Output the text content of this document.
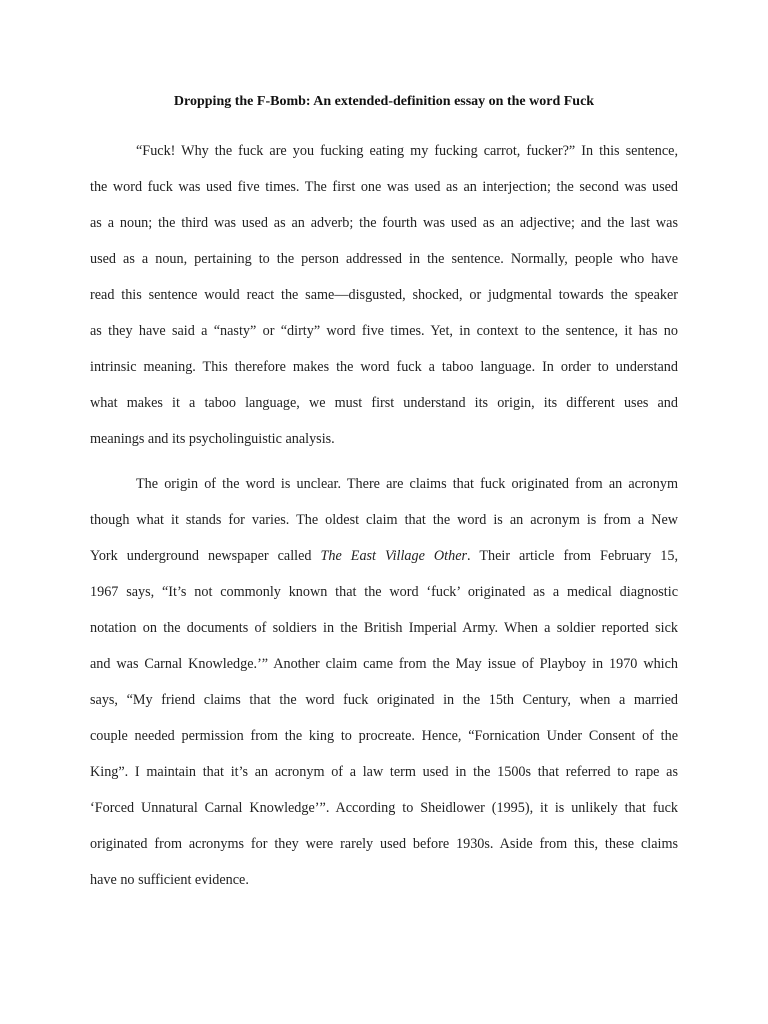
Dropping the F-Bomb: An extended-definition essay on the word Fuck
“Fuck! Why the fuck are you fucking eating my fucking carrot, fucker?” In this sentence,
the word fuck was used five times. The first one was used as an interjection; the second was used
as a noun; the third was used as an adverb; the fourth was used as an adjective; and the last was
used as a noun, pertaining to the person addressed in the sentence. Normally, people who have
read this sentence would react the same—disgusted, shocked, or judgmental towards the speaker
as they have said a “nasty” or “dirty” word five times. Yet, in context to the sentence, it has no
intrinsic meaning. This therefore makes the word fuck a taboo language. In order to understand
what makes it a taboo language, we must first understand its origin, its different uses and
meanings and its psycholinguistic analysis.
The origin of the word is unclear. There are claims that fuck originated from an acronym
though what it stands for varies. The oldest claim that the word is an acronym is from a New
York underground newspaper called The East Village Other. Their article from February 15,
1967 says, “It’s not commonly known that the word ‘fuck’ originated as a medical diagnostic
notation on the documents of soldiers in the British Imperial Army. When a soldier reported sick
and was Carnal Knowledge.’” Another claim came from the May issue of Playboy in 1970 which
says, “My friend claims that the word fuck originated in the 15th Century, when a married
couple needed permission from the king to procreate. Hence, “Fornication Under Consent of the
King”. I maintain that it’s an acronym of a law term used in the 1500s that referred to rape as
‘Forced Unnatural Carnal Knowledge’”. According to Sheidlower (1995), it is unlikely that fuck
originated from acronyms for they were rarely used before 1930s. Aside from this, these claims
have no sufficient evidence.
